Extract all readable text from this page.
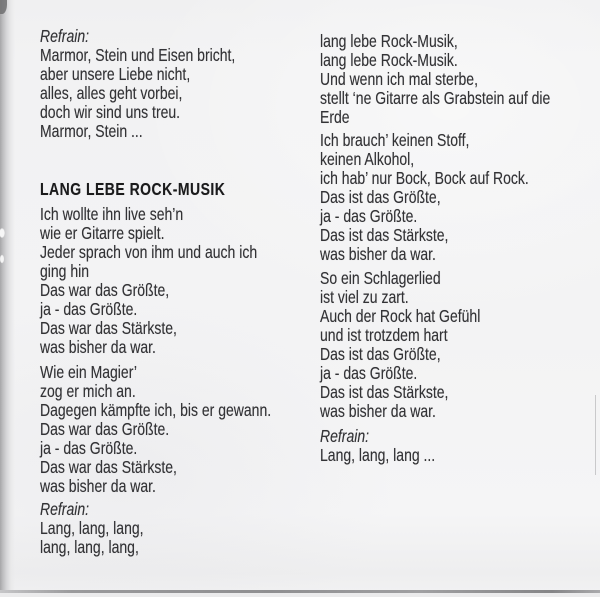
Refrain:
Marmor, Stein und Eisen bricht,
aber unsere Liebe nicht,
alles, alles geht vorbei,
doch wir sind uns treu.
Marmor, Stein ...
LANG LEBE ROCK-MUSIK
Ich wollte ihn live seh’n
wie er Gitarre spielt.
Jeder sprach von ihm und auch ich
ging hin
Das war das Größte,
ja - das Größte.
Das war das Stärkste,
was bisher da war.
Wie ein Magier’
zog er mich an.
Dagegen kämpfte ich, bis er gewann.
Das war das Größte.
ja - das Größte.
Das war das Stärkste,
was bisher da war.
Refrain:
Lang, lang, lang,
lang, lang, lang,
lang lebe Rock-Musik,
lang lebe Rock-Musik.
Und wenn ich mal sterbe,
stellt ‘ne Gitarre als Grabstein auf die
Erde
Ich brauch’ keinen Stoff,
keinen Alkohol,
ich hab’ nur Bock, Bock auf Rock.
Das ist das Größte,
ja - das Größte.
Das ist das Stärkste,
was bisher da war.
So ein Schlagerlied
ist viel zu zart.
Auch der Rock hat Gefühl
und ist trotzdem hart
Das ist das Größte,
ja - das Größte.
Das ist das Stärkste,
was bisher da war.
Refrain:
Lang, lang, lang ...
